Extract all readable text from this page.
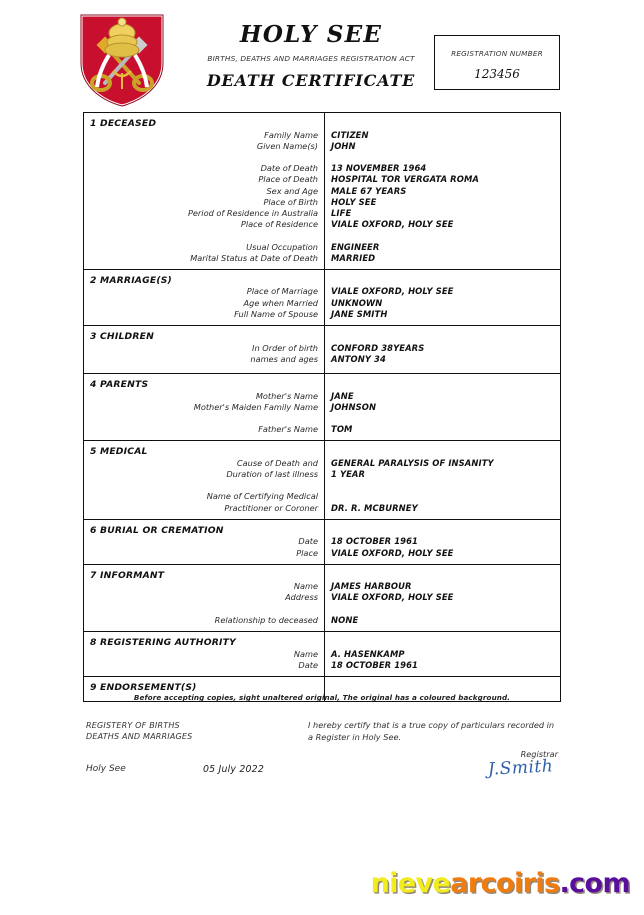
HOLY SEE
BIRTHS, DEATHS AND MARRIAGES REGISTRATION ACT
DEATH CERTIFICATE
REGISTRATION NUMBER
123456
1 DECEASED
Family Name
Given Name(s)
Date of Death
Place of Death
Sex and Age
Place of Birth
Period of Residence in Australia
Place of Residence
Usual Occupation
Marital Status at Date of Death
CITIZEN
JOHN
13 NOVEMBER 1964
HOSPITAL TOR VERGATA ROMA
MALE 67 YEARS
HOLY SEE
LIFE
VIALE OXFORD, HOLY SEE
ENGINEER
MARRIED
2 MARRIAGE(S)
Place of Marriage
Age when Married
Full Name of Spouse
VIALE OXFORD, HOLY SEE
UNKNOWN
JANE SMITH
3 CHILDREN
In Order of birth
names and ages
CONFORD 38YEARS
ANTONY 34
4 PARENTS
Mother's Name
Mother's Maiden Family Name
Father's Name
JANE
JOHNSON
TOM
5 MEDICAL
Cause of Death and
Duration of last illness
Name of Certifying Medical
Practitioner or Coroner
GENERAL PARALYSIS OF INSANITY
1 YEAR
DR. R. MCBURNEY
6 BURIAL OR CREMATION
Date
Place
18 OCTOBER 1961
VIALE OXFORD, HOLY SEE
7 INFORMANT
Name
Address
Relationship to deceased
JAMES HARBOUR
VIALE OXFORD, HOLY SEE
NONE
8 REGISTERING AUTHORITY
Name
Date
A. HASENKAMP
18 OCTOBER 1961
9 ENDORSEMENT(S)
Before accepting copies, sight unaltered original, The original has a coloured background.
REGISTERY OF BIRTHS
DEATHS AND MARRIAGES
I hereby certify that is a true copy of particulars recorded in a Register in Holy See.
Registrar
J.Smith
Holy See	05 July 2022
nievearcoiris.com
